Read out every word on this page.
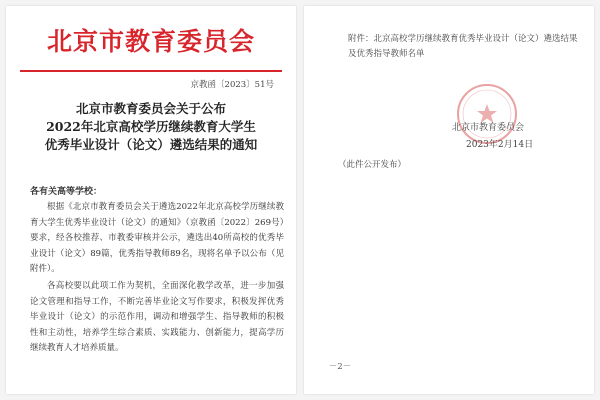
北京市教育委员会
京教函〔2023〕51号
北京市教育委员会关于公布
2022年北京高校学历继续教育大学生
优秀毕业设计（论文）遴选结果的通知
各有关高等学校：
根据《北京市教育委员会关于遴选2022年北京高校学历继续教育大学生优秀毕业设计（论文）的通知》（京教函〔2022〕269号）要求，经各校推荐、市教委审核并公示，遴选出40所高校的优秀毕业设计（论文）89篇，优秀指导教师89名，现将名单予以公布（见附件）。
各高校要以此项工作为契机，全面深化教学改革，进一步加强论文管理和指导工作，不断完善毕业论文写作要求，积极发挥优秀毕业设计（论文）的示范作用，调动和增强学生、指导教师的积极性和主动性，培养学生综合素质、实践能力、创新能力，提高学历继续教育人才培养质量。
附件：北京高校学历继续教育优秀毕业设计（论文）遴选结果及优秀指导教师名单
北京市教育委员会
2023年2月14日
（此件公开发布）
－2－
